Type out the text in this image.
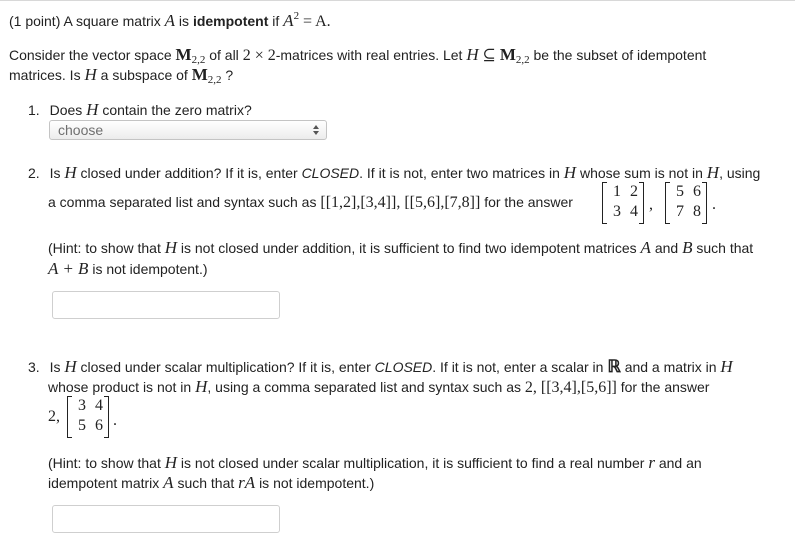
(1 point) A square matrix A is idempotent if $A^2 = A$.
Consider the vector space $M_{2,2}$ of all 2 × 2-matrices with real entries. Let H ⊆ $M_{2,2}$ be the subset of idempotent
matrices. Is H a subspace of $M_{2,2}$ ?
1. Does H contain the zero matrix?
choose
2. Is H closed under addition? If it is, enter CLOSED. If it is not, enter two matrices in H whose sum is not in H, using
a comma separated list and syntax such as [[1,2],[3,4]], [[5,6],[7,8]] for the answer
1 2
3 4 ,
5 6
7 8 .
(Hint: to show that H is not closed under addition, it is sufficient to find two idempotent matrices A and B such that
A + B is not idempotent.)
3. Is H closed under scalar multiplication? If it is, enter CLOSED. If it is not, enter a scalar in ℝ and a matrix in H
whose product is not in H, using a comma separated list and syntax such as 2, [[3,4],[5,6]] for the answer
2,
3 4
5 6 .
(Hint: to show that H is not closed under scalar multiplication, it is sufficient to find a real number r and an
idempotent matrix A such that rA is not idempotent.)
